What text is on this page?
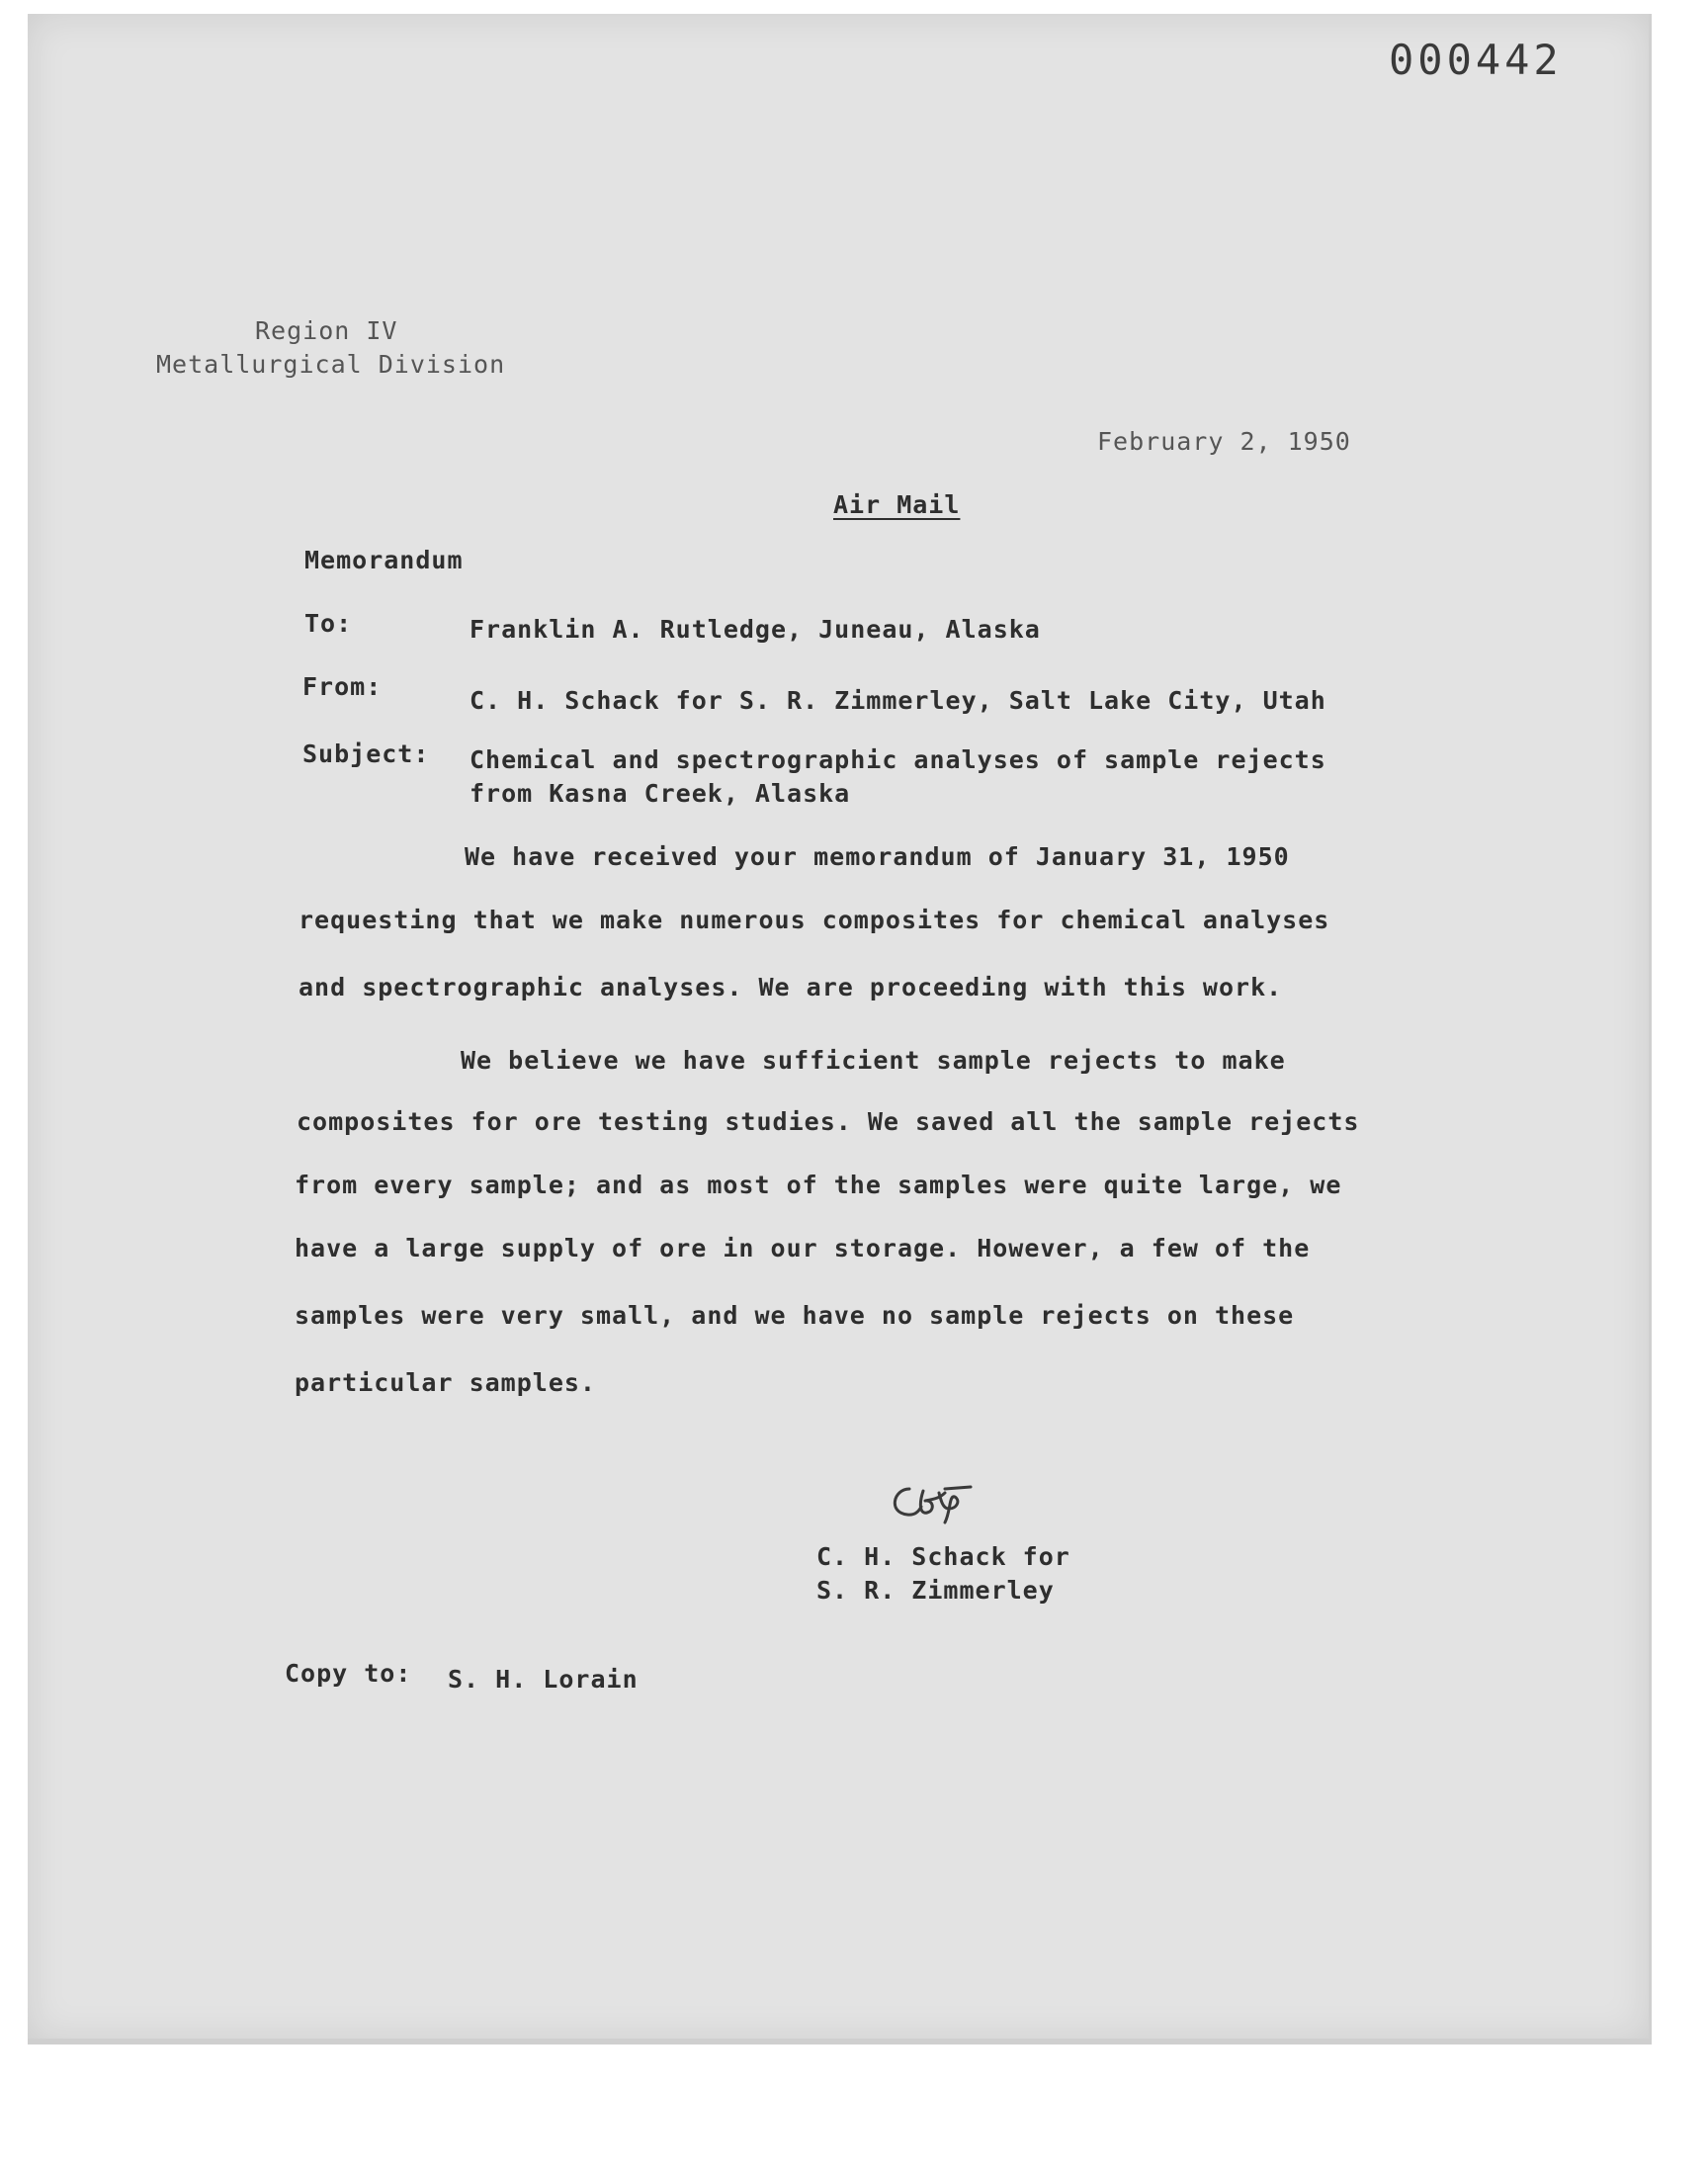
000442
Region IV
Metallurgical Division
February 2, 1950
Air Mail
Memorandum
To:	Franklin A. Rutledge, Juneau, Alaska
From:	C. H. Schack for S. R. Zimmerley, Salt Lake City, Utah
Subject: Chemical and spectrographic analyses of sample rejects
from Kasna Creek, Alaska
We have received your memorandum of January 31, 1950
requesting that we make numerous composites for chemical analyses
and spectrographic analyses. We are proceeding with this work.
We believe we have sufficient sample rejects to make
composites for ore testing studies. We saved all the sample rejects
from every sample; and as most of the samples were quite large, we
have a large supply of ore in our storage. However, a few of the
samples were very small, and we have no sample rejects on these
particular samples.
C. H. Schack for
S. R. Zimmerley
Copy to: S. H. Lorain
